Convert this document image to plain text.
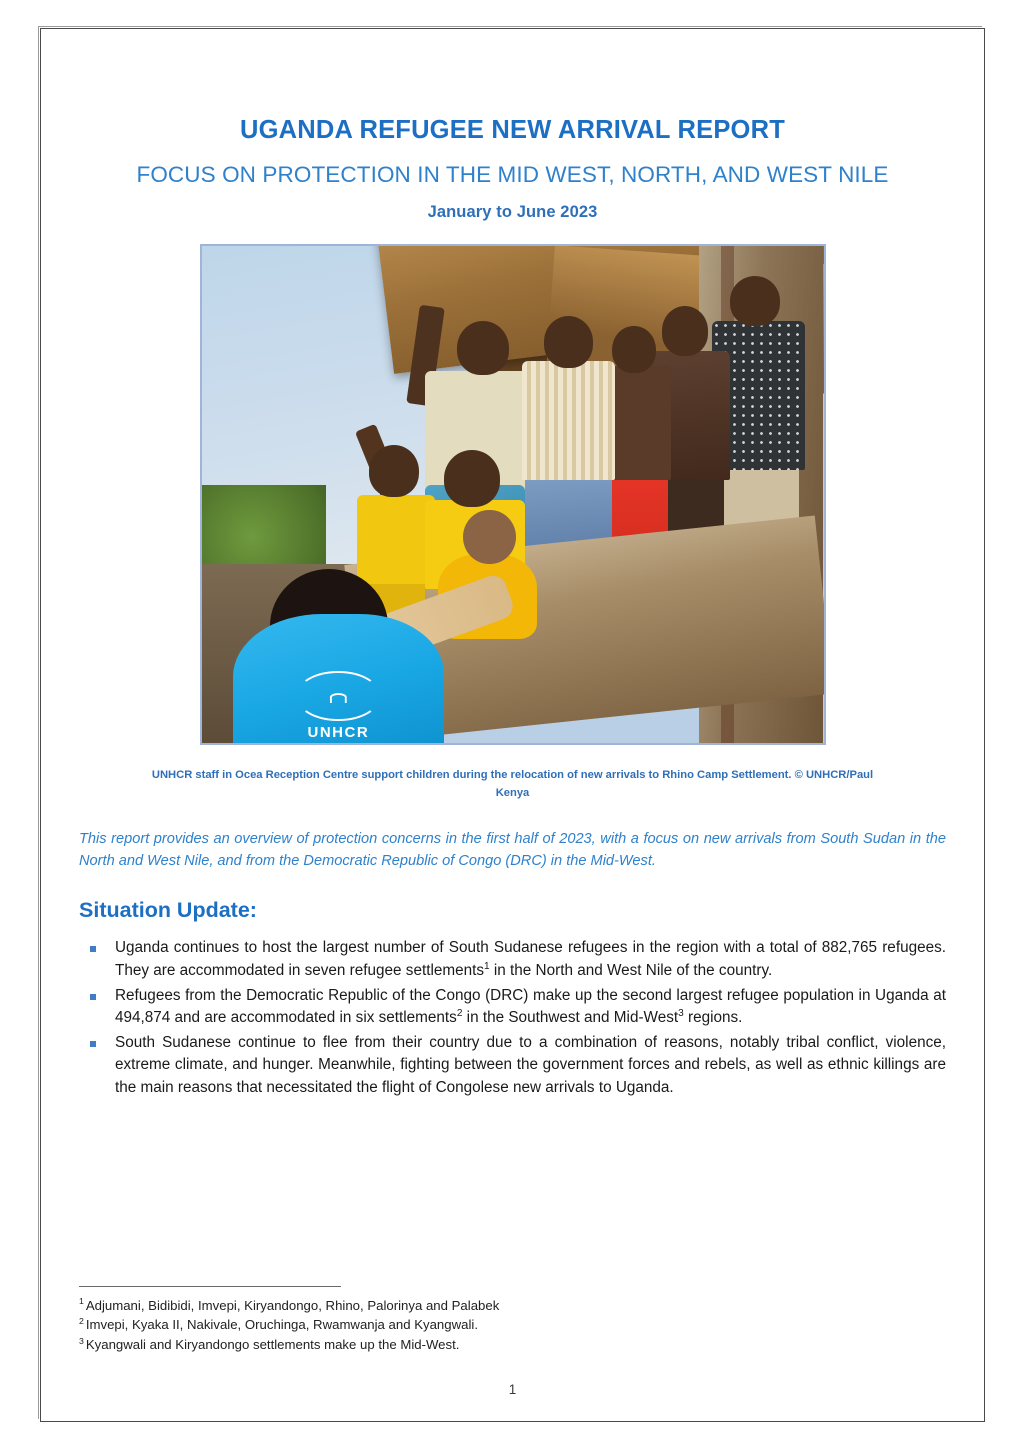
UGANDA REFUGEE NEW ARRIVAL REPORT
FOCUS ON PROTECTION IN THE MID WEST, NORTH, AND WEST NILE
January to June 2023
UNHCR
UNHCR staff in Ocea Reception Centre support children during the relocation of new arrivals to Rhino Camp Settlement. © UNHCR/Paul Kenya

This report provides an overview of protection concerns in the first half of 2023, with a focus on new arrivals from South Sudan in the North and West Nile, and from the Democratic Republic of Congo (DRC) in the Mid-West.

Situation Update:
Uganda continues to host the largest number of South Sudanese refugees in the region with a total of 882,765 refugees. They are accommodated in seven refugee settlements$^1$ in the North and West Nile of the country.
Refugees from the Democratic Republic of the Congo (DRC) make up the second largest refugee population in Uganda at 494,874 and are accommodated in six settlements$^2$ in the Southwest and Mid-West$^3$ regions.
South Sudanese continue to flee from their country due to a combination of reasons, notably tribal conflict, violence, extreme climate, and hunger. Meanwhile, fighting between the government forces and rebels, as well as ethnic killings are the main reasons that necessitated the flight of Congolese new arrivals to Uganda.
$^1$ Adjumani, Bidibidi, Imvepi, Kiryandongo, Rhino, Palorinya and Palabek
$^2$ Imvepi, Kyaka II, Nakivale, Oruchinga, Rwamwanja and Kyangwali.
$^3$ Kyangwali and Kiryandongo settlements make up the Mid-West.
1
